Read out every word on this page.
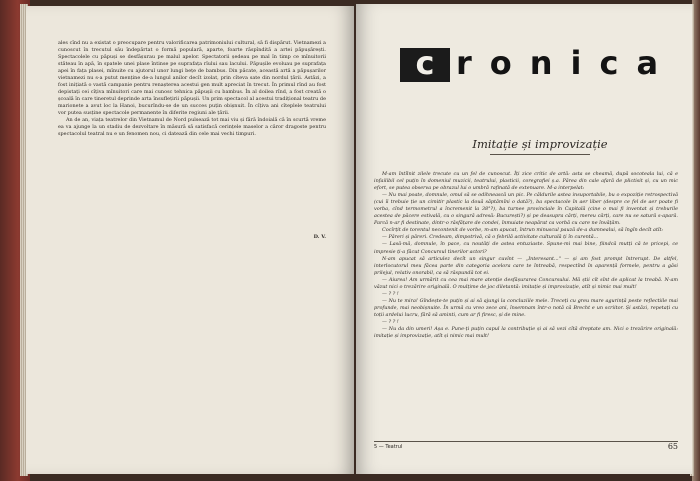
ales cînd nu a existat o preocupare pentru valorificarea patrimoniului cultural, să fi dispărut. Vietnamezi a cunoscut în trecutul său îndepărtat o formă populară, aparte, foarte răspîndită a artei păpușărești. Spectacolele cu păpuși se desfășurau pe malul apelor. Spectatorii ședeau pe mal în timp ce mînuitorii stăteau în apă, în spatele unei plase întinse pe suprafața rîului sau lacului. Păpușile evoluau pe suprafața apei în fața plasei, mînuite cu ajutorul unor lungi bețe de bambus. Din păcate, această artă a păpușarilor vietnamezi nu s-a putut menține de-a lungul anilor decît izolat, prin cîteva sate din nordul țării. Astăzi, a fost inițiată o vastă campanie pentru renașterea acestui gen mult apreciat în trecut. În primul rînd au fost depistați cei cîțiva mînuitori care mai cunosc tehnica păpușii cu bambus. În al doilea rînd, a fost creată o școală în care tineretul deprinde arta însuflețirii păpușii. Un prim spectacol al acestui tradițional teatru de marionete a avut loc la Hanoi, bucurîndu-se de un succes puțin obișnuit. În cîțiva ani cîteplele teatrului vor putea susține spectacole permanente în diferite regiuni ale țării.

An de an, viața teatrelor din Vietnamul de Nord pulsează tot mai viu și fără îndoială că în scurtă vreme ea va ajunge la un stadiu de dezvoltare în măsură să satisfacă cerințele maselor a căror dragoste pentru spectacolul teatral nu e un fenomen nou, ci datează din cele mai vechi timpuri.

D. V.
c ronica
Imitație și improvizație

M-am întîlnit zilele trecute cu un fel de cunoscut. Îți zice critic de artă: asta se cheamă, după socoteala lui, că e infailibil cel puțin în domeniul muzicii, teatrului, plasticii, coregrafiei ș.a. Părea din cale afară de plictisit și, cu un mic efort, se putea observa pe obrazul lui o umbră rafinată de extenuare. M-a interpelat:

— Nu mai poate, domnule, omul să se odihnească un pic. Pe căldurile astea insuportabile, bu o expoziție retrospectivă (cui îi trebuie ție un cimitir plastic la două săptămîni o dată?), ba spectacole în aer liber (despre ce fel de aer poate fi vorba, cînd termometrul a încremenit la 38°?), ba turnee provinciale în Capitală (cine o mai fi inventat și treburile acestea de păcere estivală, cu o singură adresă: București?) și pe deasupra cărți, mereu cărți, care nu se satură s-apară. Parcă n-ar fi destinate, dintr-o răsfățare de condei, înmuiate neapărat ca vorbă cu care ne învățăm.

Cocîrțit de torentul necontenit de vorbe, m-am apucat, întrun minuscul pauză de-a dumnealui, să îngîn decît atît:

— Păreri și păreri. Credeam, dimpotrivă, că o febrilă activitate culturală ți în curentă...

— Lasă-mă, domnule, în pace, cu noutăți de astea entuziaste. Spune-mi mai bine, fiindcă mutți că te pricepi, ce impresie ți-a făcut Concursul tinerilor actori?

N-am apucat să articulez decît un singur cuvînt — „Interesant..." — și am fost prompt întrerupt. De altfel, interlocutorul meu făcea parte din categoria acelora care te întreabă, respectînd în aparență formele, pentru a găsi prilejul, relativ onorabil, ca să răspundă tot ei.

— Aiurea! Am urmărit cu cea mai mare atenție desfășurarea Concursului. Mă știi cît sînt de aplicat la treabă. N-am văzut nici o trezărire originală. O mulțime de joc diletantă: imitație și improvizație, atît și nimic mai mult!

— ? ? !

— Nu te mira! Gîndește-te puțin și ai să ajungi la concluziile mele. Treceți cu greu mare agurință peste reflectiile mai profunde, mai neobișnuite. În urmă cu vreo zece ani, însemnam într-o notă că Brecht e un scriitor. Și astăzi, repetați cu toții ardelui lucru, fără să aminti, cum ar fi firesc, și de mine.

— ? ? !

— Nu da din umeri! Așa e. Pune-ți puțin capul la contribuție și ai să vezi cîtă dreptate am. Nici o trezărire originală: imitație și improvizație, atît și nimic mai mult!

5 — Teatrul	65
